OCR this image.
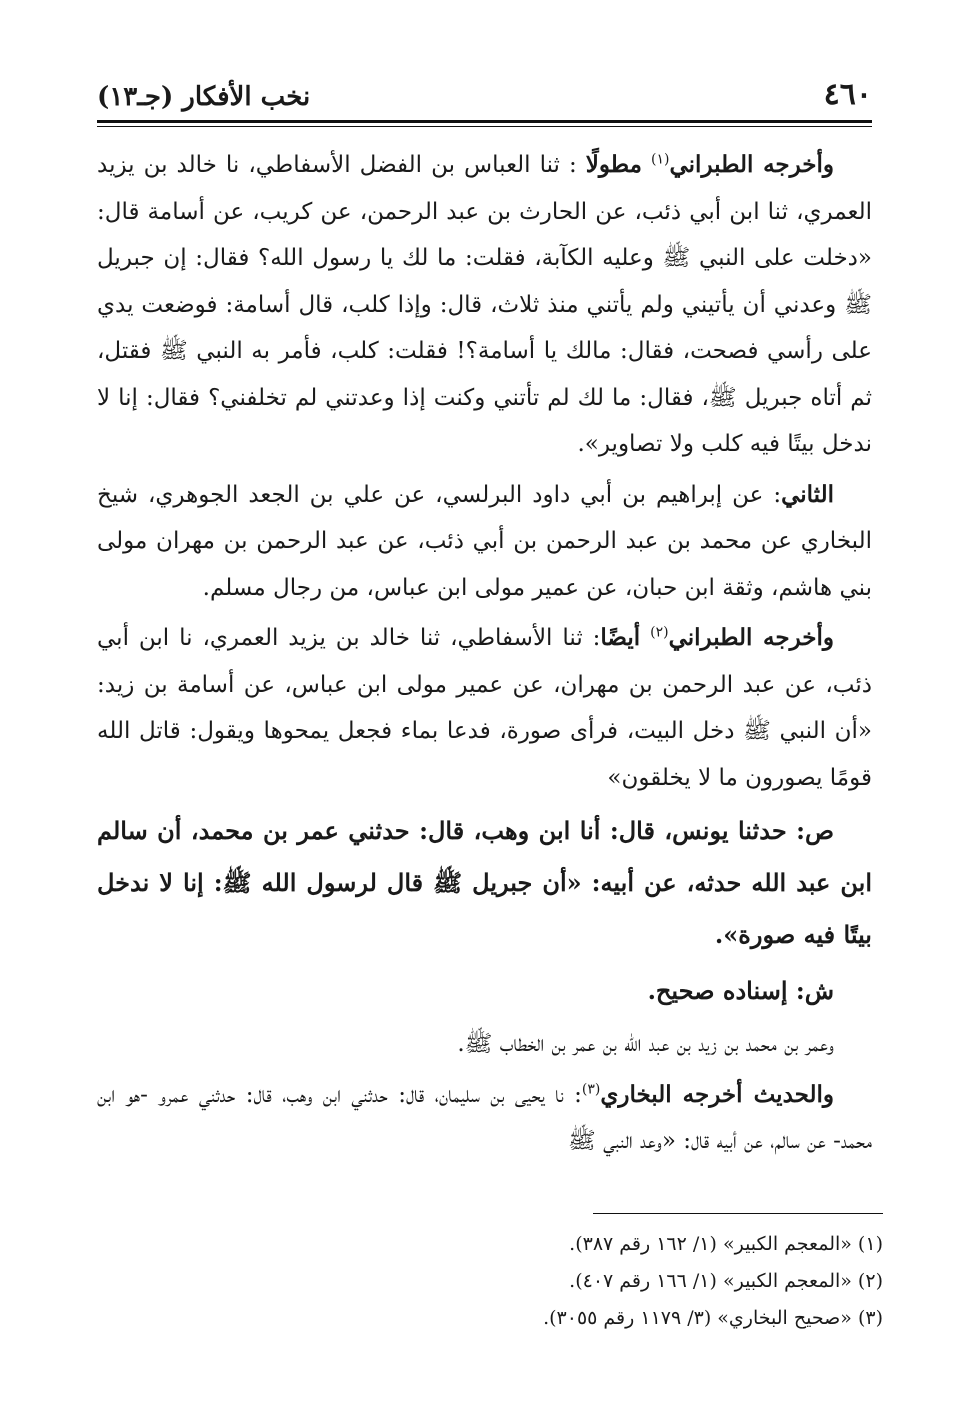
٤٦٠
نخب الأفكار (جـ١٣)

وأخرجه الطبراني$^{(١)}$ مطولًا : ثنا العباس بن الفضل الأسفاطي، نا خالد بن يزيد العمري، ثنا ابن أبي ذئب، عن الحارث بن عبد الرحمن، عن كريب، عن أسامة قال: «دخلت على النبي ﷺ وعليه الكآبة، فقلت: ما لك يا رسول الله؟ فقال: إن جبريل ﷺ وعدني أن يأتيني ولم يأتني منذ ثلاث، قال: وإذا كلب، قال أسامة: فوضعت يدي على رأسي فصحت، فقال: مالك يا أسامة؟! فقلت: كلب، فأمر به النبي ﷺ فقتل، ثم أتاه جبريل ﷺ، فقال: ما لك لم تأتني وكنت إذا وعدتني لم تخلفني؟ فقال: إنا لا ندخل بيتًا فيه كلب ولا تصاوير».

الثاني: عن إبراهيم بن أبي داود البرلسي، عن علي بن الجعد الجوهري، شيخ البخاري عن محمد بن عبد الرحمن بن أبي ذئب، عن عبد الرحمن بن مهران مولى بني هاشم، وثقة ابن حبان، عن عمير مولى ابن عباس، من رجال مسلم.

وأخرجه الطبراني$^{(٢)}$ أيضًا: ثنا الأسفاطي، ثنا خالد بن يزيد العمري، نا ابن أبي ذئب، عن عبد الرحمن بن مهران، عن عمير مولى ابن عباس، عن أسامة بن زيد: «أن النبي ﷺ دخل البيت، فرأى صورة، فدعا بماء فجعل يمحوها ويقول: قاتل الله قومًا يصورون ما لا يخلقون»

ص: حدثنا يونس، قال: أنا ابن وهب، قال: حدثني عمر بن محمد، أن سالم ابن عبد الله حدثه، عن أبيه: «أن جبريل ﷺ قال لرسول الله ﷺ: إنا لا ندخل بيتًا فيه صورة».

ش: إسناده صحيح.

وعمر بن محمد بن زيد بن عبد الله بن عمر بن الخطاب ﷺ.

والحديث أخرجه البخاري$^{(٣)}$: نا يحيى بن سليمان، قال: حدثني ابن وهب، قال: حدثني عمرو -هو ابن محمد- عن سالم، عن أبيه قال: «وعد النبي ﷺ

(١) «المعجم الكبير» (١/ ١٦٢ رقم ٣٨٧).
(٢) «المعجم الكبير» (١/ ١٦٦ رقم ٤٠٧).
(٣) «صحيح البخاري» (٣/ ١١٧٩ رقم ٣٠٥٥).
